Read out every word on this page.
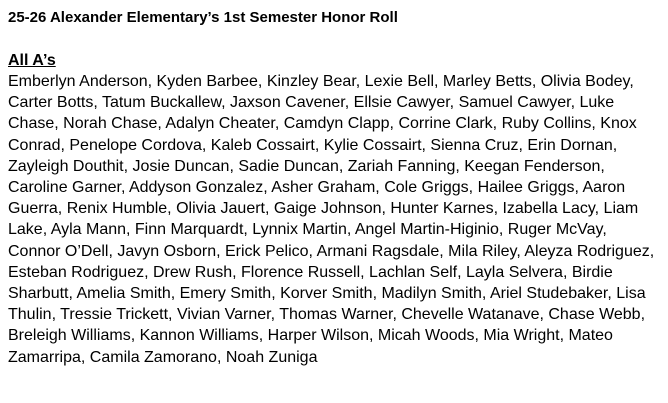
25-26 Alexander Elementary’s 1st Semester Honor Roll
All A’s

Emberlyn Anderson, Kyden Barbee, Kinzley Bear, Lexie Bell, Marley Betts, Olivia Bodey, Carter Botts, Tatum Buckallew, Jaxson Cavener, Ellsie Cawyer, Samuel Cawyer, Luke Chase, Norah Chase, Adalyn Cheater, Camdyn Clapp, Corrine Clark, Ruby Collins, Knox Conrad, Penelope Cordova, Kaleb Cossairt, Kylie Cossairt, Sienna Cruz, Erin Dornan, Zayleigh Douthit, Josie Duncan, Sadie Duncan, Zariah Fanning, Keegan Fenderson, Caroline Garner, Addyson Gonzalez, Asher Graham, Cole Griggs, Hailee Griggs, Aaron Guerra, Renix Humble, Olivia Jauert, Gaige Johnson, Hunter Karnes, Izabella Lacy, Liam Lake, Ayla Mann, Finn Marquardt, Lynnix Martin, Angel Martin-Higinio, Ruger McVay, Connor O’Dell, Javyn Osborn, Erick Pelico, Armani Ragsdale, Mila Riley, Aleyza Rodriguez, Esteban Rodriguez, Drew Rush, Florence Russell, Lachlan Self, Layla Selvera, Birdie Sharbutt, Amelia Smith, Emery Smith, Korver Smith, Madilyn Smith, Ariel Studebaker, Lisa Thulin, Tressie Trickett, Vivian Varner, Thomas Warner, Chevelle Watanave, Chase Webb, Breleigh Williams, Kannon Williams, Harper Wilson, Micah Woods, Mia Wright, Mateo Zamarripa, Camila Zamorano, Noah Zuniga
